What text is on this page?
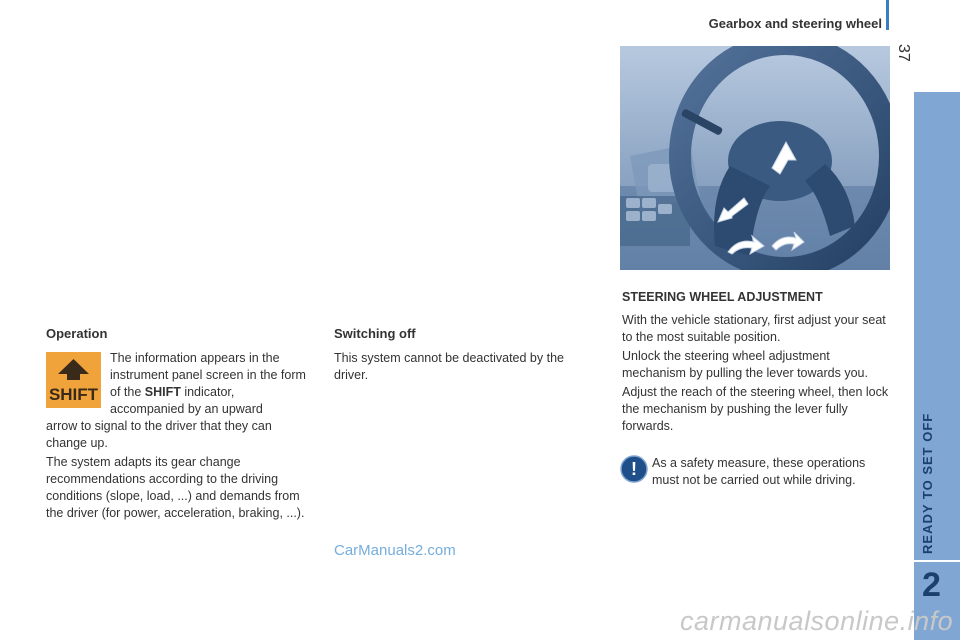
Gearbox and steering wheel
37
READY TO SET OFF
2
STEERING WHEEL ADJUSTMENT

With the vehicle stationary, first adjust your seat to the most suitable position.

Unlock the steering wheel adjustment mechanism by pulling the lever towards you.

Adjust the reach of the steering wheel, then lock the mechanism by pushing the lever fully forwards.

! As a safety measure, these operations must not be carried out while driving.

Operation
SHIFT

The information appears in the instrument panel screen in the form of the SHIFT indicator, accompanied by an upward

arrow to signal to the driver that they can change up.

The system adapts its gear change recommendations according to the driving conditions (slope, load, ...) and demands from the driver (for power, acceleration, braking, ...).

Switching off

This system cannot be deactivated by the driver.

CarManuals2.com
carmanualsonline.info
